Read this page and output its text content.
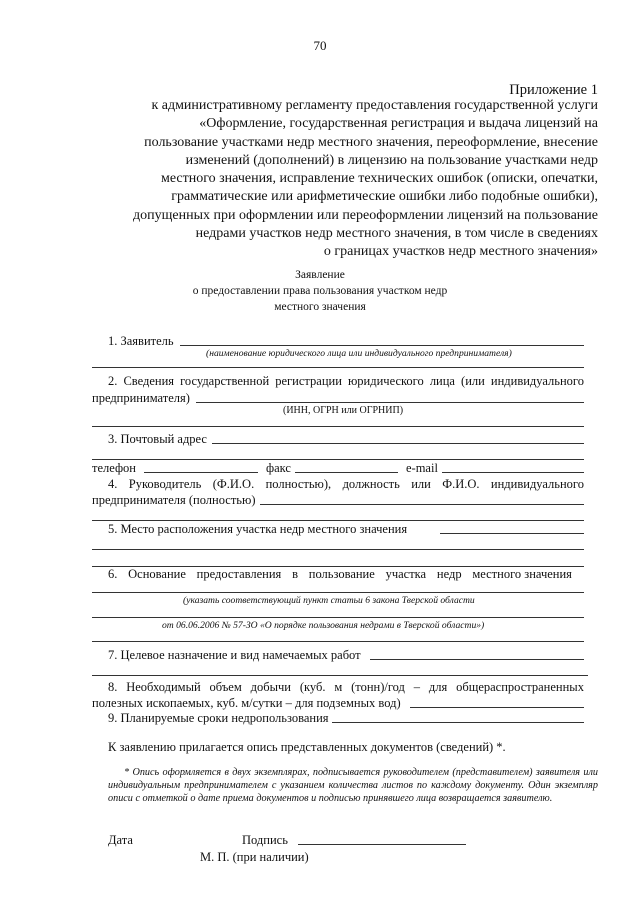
70
Приложение 1
к административному регламенту предоставления государственной услуги
«Оформление, государственная регистрация и выдача лицензий на
пользование участками недр местного значения, переоформление, внесение
изменений (дополнений) в лицензию на пользование участками недр
местного значения, исправление технических ошибок (описки, опечатки,
грамматические или арифметические ошибки либо подобные ошибки),
допущенных при оформлении или переоформлении лицензий на пользование
недрами участков недр местного значения, в том числе в сведениях
о границах участков недр местного значения»
Заявление
о предоставлении права пользования участком недр
местного значения
1. Заявитель
(наименование юридического лица или индивидуального предпринимателя)
2. Сведения государственной регистрации юридического лица (или индивидуального
предпринимателя)
(ИНН, ОГРН или ОГРНИП)
3. Почтовый адрес
телефон	факс	e-mail
4. Руководитель (Ф.И.О. полностью), должность или Ф.И.О. индивидуального
предпринимателя (полностью)
5. Место расположения участка недр местного значения
6. Основание предоставления в пользование участка недр местного значения
(указать соответствующий пункт статьи 6 закона Тверской области
от 06.06.2006 № 57-ЗО «О порядке пользования недрами в Тверской области»)
7. Целевое назначение и вид намечаемых работ
8. Необходимый объем добычи (куб. м (тонн)/год – для общераспространенных
полезных ископаемых, куб. м/сутки – для подземных вод)
9. Планируемые сроки недропользования
К заявлению прилагается опись представленных документов (сведений) *.
* Опись оформляется в двух экземплярах, подписывается руководителем (представителем) заявителя или индивидуальным предпринимателем с указанием количества листов по каждому документу. Один экземпляр описи с отметкой о дате приема документов и подписью принявшего лица возвращается заявителю.
Дата	Подпись
М. П. (при наличии)
